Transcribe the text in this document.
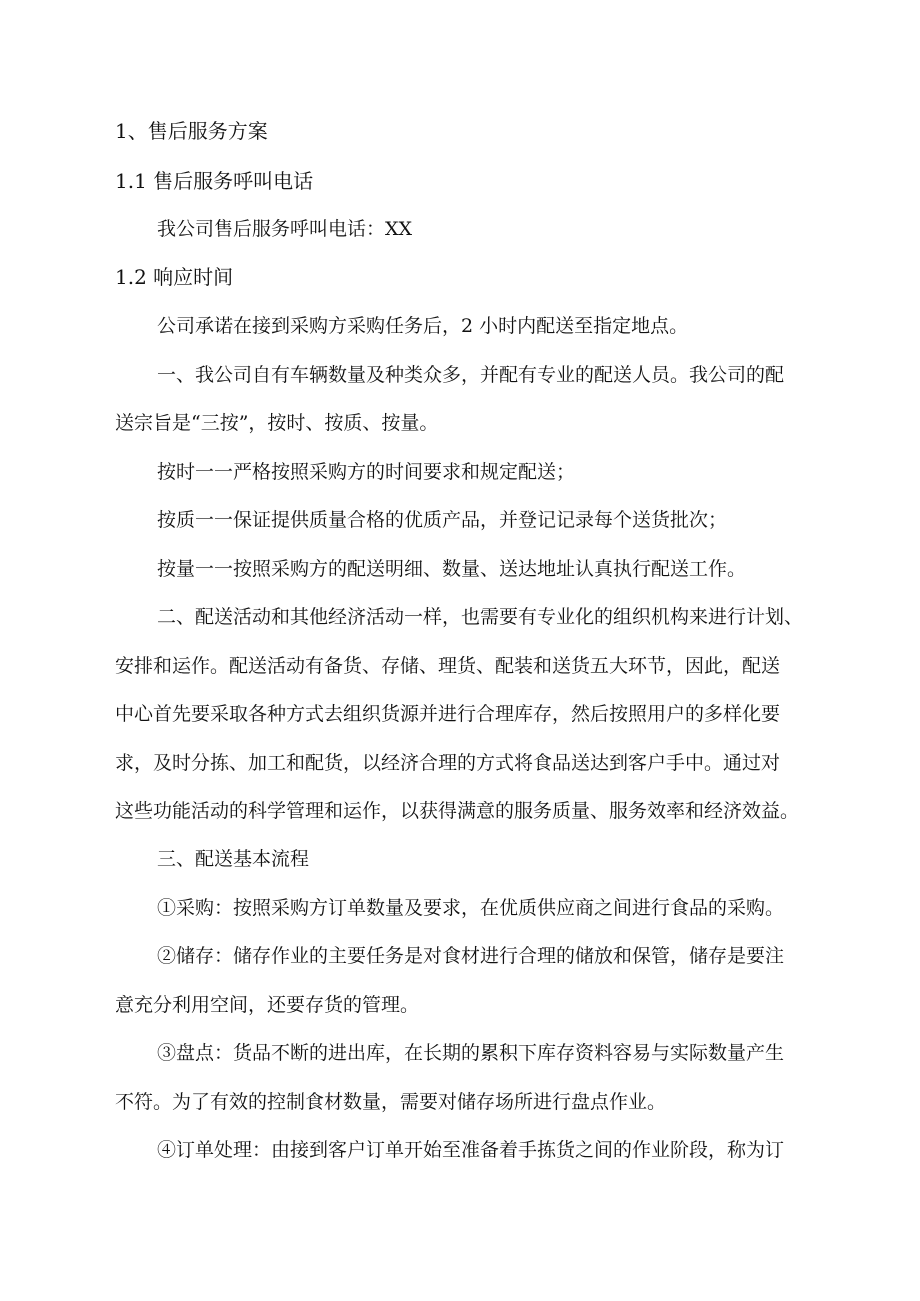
1、售后服务方案
1.1 售后服务呼叫电话
我公司售后服务呼叫电话：XX
1.2 响应时间
公司承诺在接到采购方采购任务后，2 小时内配送至指定地点。
一、我公司自有车辆数量及种类众多，并配有专业的配送人员。我公司的配
送宗旨是“三按”，按时、按质、按量。
按时一一严格按照采购方的时间要求和规定配送；
按质一一保证提供质量合格的优质产品，并登记记录每个送货批次；
按量一一按照采购方的配送明细、数量、送达地址认真执行配送工作。
二、配送活动和其他经济活动一样，也需要有专业化的组织机构来进行计划、
安排和运作。配送活动有备货、存储、理货、配装和送货五大环节，因此，配送
中心首先要采取各种方式去组织货源并进行合理库存，然后按照用户的多样化要
求，及时分拣、加工和配货，以经济合理的方式将食品送达到客户手中。通过对
这些功能活动的科学管理和运作，以获得满意的服务质量、服务效率和经济效益。
三、配送基本流程
①采购：按照采购方订单数量及要求，在优质供应商之间进行食品的采购。
②储存：储存作业的主要任务是对食材进行合理的储放和保管，储存是要注
意充分利用空间，还要存货的管理。
③盘点：货品不断的进出库，在长期的累积下库存资料容易与实际数量产生
不符。为了有效的控制食材数量，需要对储存场所进行盘点作业。
④订单处理：由接到客户订单开始至准备着手拣货之间的作业阶段，称为订
